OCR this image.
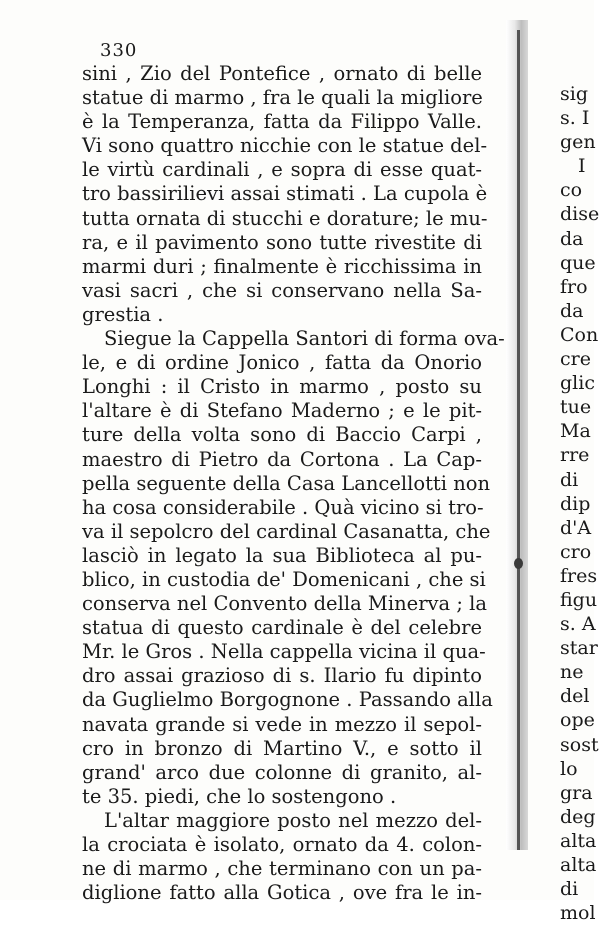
330
sini , Zio del Pontefice , ornato di belle
statue di marmo , fra le quali la migliore
è la Temperanza, fatta da Filippo Valle.
Vi sono quattro nicchie con le statue del-
le virtù cardinali , e sopra di esse quat-
tro bassirilievi assai stimati . La cupola è
tutta ornata di stucchi e dorature; le mu-
ra, e il pavimento sono tutte rivestite di
marmi duri ; finalmente è ricchissima in
vasi sacri , che si conservano nella Sa-
grestia .
Siegue la Cappella Santori di forma ova-
le, e di ordine Jonico , fatta da Onorio
Longhi : il Cristo in marmo , posto su
l'altare è di Stefano Maderno ; e le pit-
ture della volta sono di Baccio Carpi ,
maestro di Pietro da Cortona . La Cap-
pella seguente della Casa Lancellotti non
ha cosa considerabile . Quà vicino si tro-
va il sepolcro del cardinal Casanatta, che
lasciò in legato la sua Biblioteca al pu-
blico, in custodia de' Domenicani , che si
conserva nel Convento della Minerva ; la
statua di questo cardinale è del celebre
Mr. le Gros . Nella cappella vicina il qua-
dro assai grazioso di s. Ilario fu dipinto
da Guglielmo Borgognone . Passando alla
navata grande si vede in mezzo il sepol-
cro in bronzo di Martino V., e sotto il
grand' arco due colonne di granito, al-
te 35. piedi, che lo sostengono .
L'altar maggiore posto nel mezzo del-
la crociata è isolato, ornato da 4. colon-
ne di marmo , che terminano con un pa-
diglione fatto alla Gotica , ove fra le in-
sig
s. I
gen
I
co
dise
da
que
fro
da
Con
cre
glic
tue
Ma
rre
di
dip
d'A
cro
fres
figu
s. A
star
ne
del
ope
sost
lo
gra
deg
alta
alta
di
mol
